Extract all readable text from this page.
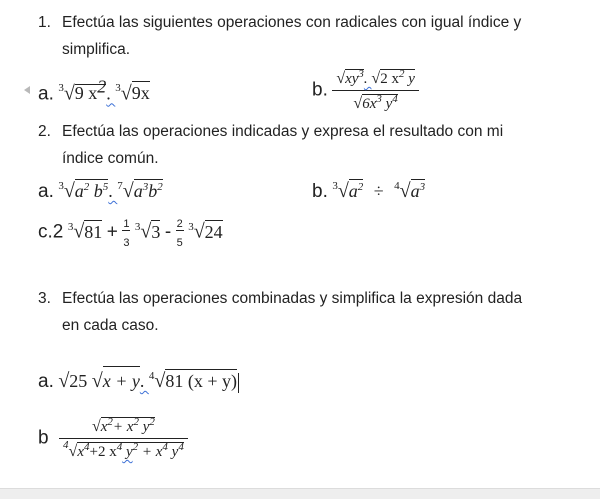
1. Efectúa las siguientes operaciones con radicales con igual índice y
simplifica.
a. $^3$√9 $x^2$. $^3$√9x	b. $\frac{√xy^3. √2 x^2 y}{√6x^3 y^4}$
2. Efectúa las operaciones indicadas y expresa el resultado con mi
índice común.
a. $^3√a^2$ $b^5$. $^7√a^3b^2$	b. $^3√a^2 \div ^4√a^3$
c.2 $^3√81 + \frac{1}{3} ^3√3 - \frac{2}{5} ^3√24$
3. Efectúa las operaciones combinadas y simplifica la expresión dada
en cada caso.
a. √25 √x + y. $^4$√81 (x + y)
b $\frac{√x^2+ x^2 y^2}{^4√x^4+2 x^4 y^2 + x^4 y^4}$
